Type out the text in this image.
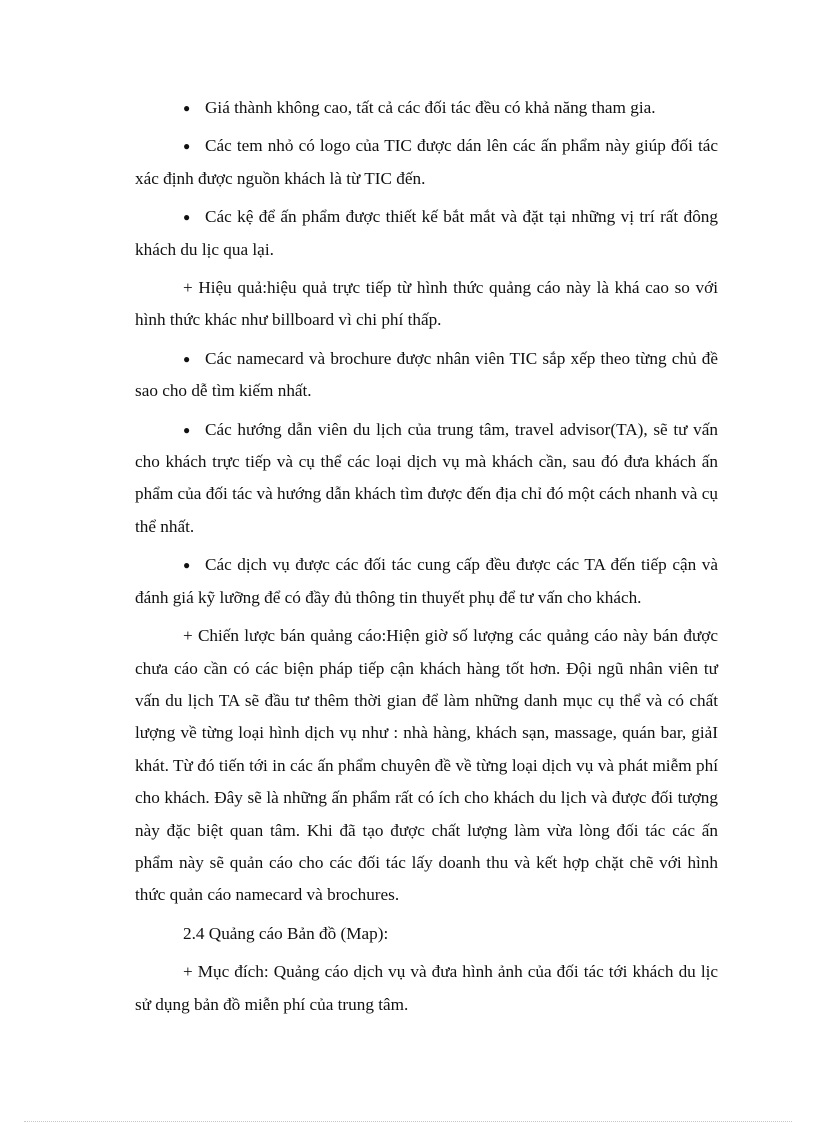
● Giá thành không cao, tất cả các đối tác đều có khả năng tham gia.

● Các tem nhỏ có logo của TIC được dán lên các ấn phẩm này giúp đối tác xác định được nguồn khách là từ TIC đến.

● Các kệ để ấn phẩm được thiết kế bắt mắt và đặt tại những vị trí rất đông khách du lịc qua lại.

+ Hiệu quả:hiệu quả trực tiếp từ hình thức quảng cáo này là khá cao so với hình thức khác như billboard vì chi phí thấp.

● Các namecard và brochure được nhân viên TIC sắp xếp theo từng chủ đề sao cho dễ tìm kiếm nhất.

● Các hướng dẫn viên du lịch của trung tâm, travel advisor(TA), sẽ tư vấn cho khách trực tiếp và cụ thể các loại dịch vụ mà khách cần, sau đó đưa khách ấn phẩm của đối tác và hướng dẫn khách tìm được đến địa chỉ đó một cách nhanh và cụ thể nhất.

● Các dịch vụ được các đối tác cung cấp đều được các TA đến tiếp cận và đánh giá kỹ lưỡng để có đầy đủ thông tin thuyết phụ để tư vấn cho khách.

+ Chiến lược bán quảng cáo:Hiện giờ số lượng các quảng cáo này bán được chưa cáo cần có các biện pháp tiếp cận khách hàng tốt hơn. Đội ngũ nhân viên tư vấn du lịch TA sẽ đầu tư thêm thời gian để làm những danh mục cụ thể và có chất lượng về từng loại hình dịch vụ như : nhà hàng, khách sạn, massage, quán bar, giảI khát. Từ đó tiến tới in các ấn phẩm chuyên đề về từng loại dịch vụ và phát miễm phí cho khách. Đây sẽ là những ấn phẩm rất có ích cho khách du lịch và được đối tượng này đặc biệt quan tâm. Khi đã tạo được chất lượng làm vừa lòng đối tác các ấn phẩm này sẽ quản cáo cho các đối tác lấy doanh thu và kết hợp chặt chẽ với hình thức quản cáo namecard và brochures.

2.4 Quảng cáo Bản đồ (Map):

+ Mục đích: Quảng cáo dịch vụ và đưa hình ảnh của đối tác tới khách du lịc sử dụng bản đồ miễn phí của trung tâm.
